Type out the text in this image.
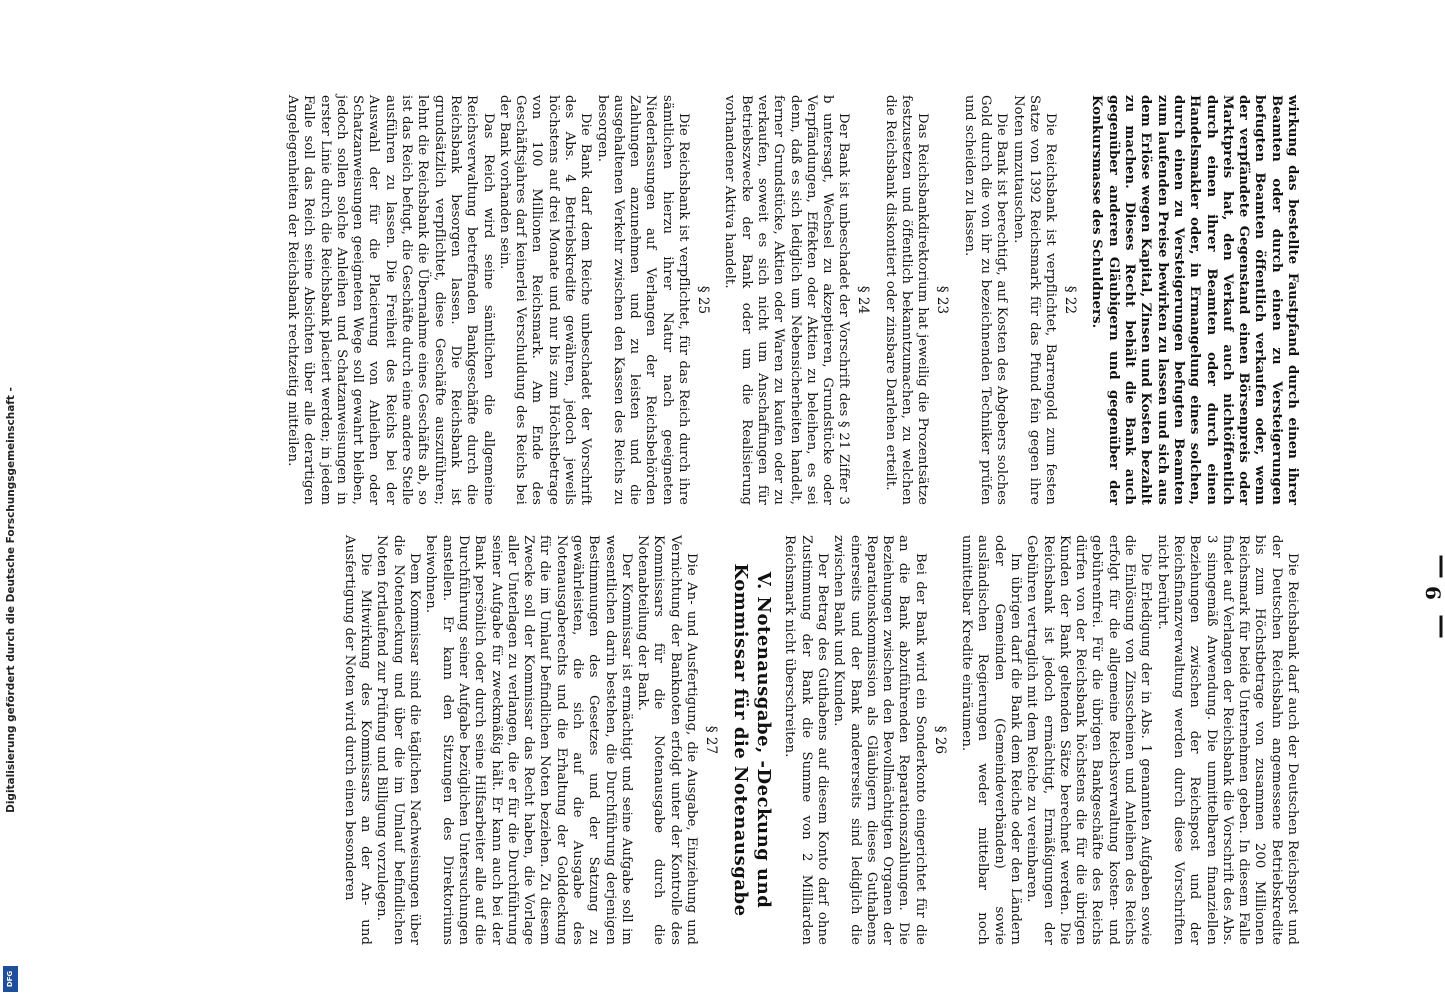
Digitalisierung gefördert durch die Deutsche Forschungsgemeinschaft -
DFG
6

wirkung das bestellte Faustpfand durch einen ihrer Beamten oder durch einen zu Versteigerungen befugten Beamten öffentlich verkaufen oder, wenn der verpfändete Gegenstand einen Börsenpreis oder Marktpreis hat, den Verkauf auch nichtöffentlich durch einen ihrer Beamten oder durch einen Handelsmakler oder, in Ermangelung eines solchen, durch einen zu Versteigerungen befugten Beamten zum laufenden Preise bewirken zu lassen und sich aus dem Erlöse wegen Kapital, Zinsen und Kosten bezahlt zu machen. Dieses Recht behält die Bank auch gegenüber anderen Gläubigern und gegenüber der Konkursmasse des Schuldners.

§ 22

Die Reichsbank ist verpflichtet, Barrengold zum festen Satze von 1392 Reichsmark für das Pfund fein gegen ihre Noten umzutauschen.

Die Bank ist berechtigt, auf Kosten des Abgebers solches Gold durch die von ihr zu bezeichnenden Techniker prüfen und scheiden zu lassen.

§ 23

Das Reichsbankdirektorium hat jeweilig die Prozentsätze festzusetzen und öffentlich bekanntzumachen, zu welchen die Reichsbank diskontiert oder zinsbare Darlehen erteilt.

§ 24

Der Bank ist unbeschadet der Vorschrift des § 21 Ziffer 3 b untersagt, Wechsel zu akzeptieren, Grundstücke oder Verpfändungen, Effekten oder Aktien zu beleihen, es sei denn, daß es sich lediglich um Nebensicherheiten handelt, ferner Grundstücke, Aktien oder Waren zu kaufen oder zu verkaufen, soweit es sich nicht um Anschaffungen für Betriebszwecke der Bank oder um die Realisierung vorhandener Aktiva handelt.

§ 25

Die Reichsbank ist verpflichtet, für das Reich durch ihre sämtlichen hierzu ihrer Natur nach geeigneten Niederlassungen auf Verlangen der Reichsbehörden Zahlungen anzunehmen und zu leisten und die ausgehaltenen Verkehr zwischen den Kassen des Reichs zu besorgen.

Die Bank darf dem Reiche unbeschadet der Vorschrift des Abs. 4 Betriebskredite gewähren, jedoch jeweils höchstens auf drei Monate und nur bis zum Höchstbetrage von 100 Millionen Reichsmark. Am Ende des Geschäftsjahres darf keinerlei Verschuldung des Reichs bei der Bank vorhanden sein.

Das Reich wird seine sämtlichen die allgemeine Reichsverwaltung betreffenden Bankgeschäfte durch die Reichsbank besorgen lassen. Die Reichsbank ist grundsätzlich verpflichtet, diese Geschäfte auszuführen; lehnt die Reichsbank die Übernahme eines Geschäfts ab, so ist das Reich befugt, die Geschäfte durch eine andere Stelle ausführen zu lassen. Die Freiheit des Reichs bei der Auswahl der für die Placierung von Anleihen oder Schatzanweisungen geeigneten Wege soll gewahrt bleiben, jedoch sollen solche Anleihen und Schatzanweisungen in erster Linie durch die Reichsbank placiert werden; in jedem Falle soll das Reich seine Absichten über alle derartigen Angelegenheiten der Reichsbank rechtzeitig mitteilen.

Die Reichsbank darf auch der Deutschen Reichspost und der Deutschen Reichsbahn angemessene Betriebskredite bis zum Höchstbetrage von zusammen 200 Millionen Reichsmark für beide Unternehmen geben. In diesem Falle findet auf Verlangen der Reichsbank die Vorschrift des Abs. 3 sinngemäß Anwendung. Die unmittelbaren finanziellen Beziehungen zwischen der Reichspost und der Reichsfinanzverwaltung werden durch diese Vorschriften nicht berührt.

Die Erledigung der in Abs. 1 genannten Aufgaben sowie die Einlösung von Zinsscheinen und Anleihen des Reichs erfolgt für die allgemeine Reichsverwaltung kosten- und gebührenfrei. Für die übrigen Bankgeschäfte des Reichs dürfen von der Reichsbank höchstens die für die übrigen Kunden der Bank geltenden Sätze berechnet werden. Die Reichsbank ist jedoch ermächtigt, Ermäßigungen der Gebühren vertraglich mit dem Reiche zu vereinbaren.

Im übrigen darf die Bank dem Reiche oder den Ländern oder Gemeinden (Gemeindeverbänden) sowie ausländischen Regierungen weder mittelbar noch unmittelbar Kredite einräumen.

§ 26

Bei der Bank wird ein Sonderkonto eingerichtet für die an die Bank abzuführenden Reparationszahlungen. Die Beziehungen zwischen den Bevollmächtigten Organen der Reparationskommission als Gläubigern dieses Guthabens einerseits und der Bank andererseits sind lediglich die zwischen Bank und Kunden.

Der Betrag des Guthabens auf diesem Konto darf ohne Zustimmung der Bank die Summe von 2 Milliarden Reichsmark nicht überschreiten.

V. Notenausgabe, -Deckung und Kommissar für die Notenausgabe
§ 27

Die An- und Ausfertigung, die Ausgabe, Einziehung und Vernichtung der Banknoten erfolgt unter der Kontrolle des Kommissars für die Notenausgabe durch die Notenabteilung der Bank.

Der Kommissar ist ermächtigt und seine Aufgabe soll im wesentlichen darin bestehen, die Durchführung derjenigen Bestimmungen des Gesetzes und der Satzung zu gewährleisten, die sich auf die Ausgabe des Notenausgaberechts und die Erhaltung der Golddeckung für die im Umlauf befindlichen Noten beziehen. Zu diesem Zwecke soll der Kommissar das Recht haben, die Vorlage aller Unterlagen zu verlangen, die er für die Durchführung seiner Aufgabe für zweckmäßig hält. Er kann auch bei der Bank persönlich oder durch seine Hilfsarbeiter alle auf die Durchführung seiner Aufgabe bezüglichen Untersuchungen anstellen. Er kann den Sitzungen des Direktoriums beiwohnen.

Dem Kommissar sind die täglichen Nachweisungen über die Notendeckung und über die im Umlauf befindlichen Noten fortlaufend zur Prüfung und Billigung vorzulegen.

Die Mitwirkung des Kommissars an der An- und Ausfertigung der Noten wird durch einen besonderen
